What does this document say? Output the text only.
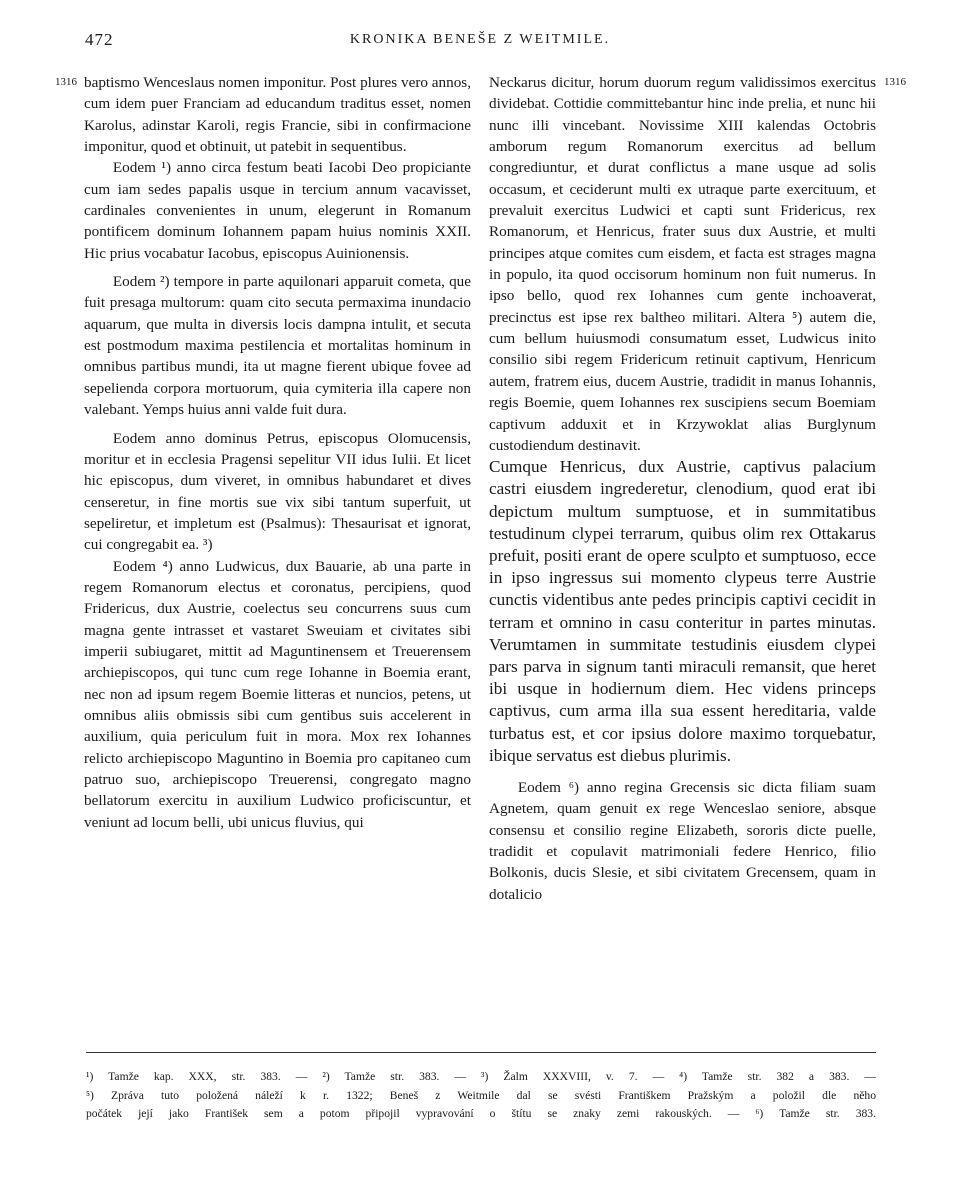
472	KRONIKA BENEŠE Z WEITMILE.
1316	1316

baptismo Wenceslaus nomen imponitur. Post plures vero annos, cum idem puer Franciam ad educandum traditus esset, nomen Karolus, adinstar Karoli, regis Francie, sibi in confirmacione imponitur, quod et obtinuit, ut patebit in sequentibus.

Eodem ¹) anno circa festum beati Iacobi Deo propiciante cum iam sedes papalis usque in tercium annum vacavisset, cardinales convenientes in unum, elegerunt in Romanum pontificem dominum Iohannem papam huius nominis XXII. Hic prius vocabatur Iacobus, episcopus Auinionensis.

Eodem ²) tempore in parte aquilonari apparuit cometa, que fuit presaga multorum: quam cito secuta permaxima inundacio aquarum, que multa in diversis locis dampna intulit, et secuta est postmodum maxima pestilencia et mortalitas hominum in omnibus partibus mundi, ita ut magne fierent ubique fovee ad sepelienda corpora mortuorum, quia cymiteria illa capere non valebant. Yemps huius anni valde fuit dura.

Eodem anno dominus Petrus, episcopus Olomucensis, moritur et in ecclesia Pragensi sepelitur VII idus Iulii. Et licet hic episcopus, dum viveret, in omnibus habundaret et dives censeretur, in fine mortis sue vix sibi tantum superfuit, ut sepeliretur, et impletum est (Psalmus): Thesaurisat et ignorat, cui congregabit ea. ³)

Eodem ⁴) anno Ludwicus, dux Bauarie, ab una parte in regem Romanorum electus et coronatus, percipiens, quod Fridericus, dux Austrie, coelectus seu concurrens suus cum magna gente intrasset et vastaret Sweuiam et civitates sibi imperii subiugaret, mittit ad Maguntinensem et Treuerensem archiepiscopos, qui tunc cum rege Iohanne in Boemia erant, nec non ad ipsum regem Boemie litteras et nuncios, petens, ut omnibus aliis obmissis sibi cum gentibus suis accelerent in auxilium, quia periculum fuit in mora. Mox rex Iohannes relicto archiepiscopo Maguntino in Boemia pro capitaneo cum patruo suo, archiepiscopo Treuerensi, congregato magno bellatorum exercitu in auxilium Ludwico proficiscuntur, et veniunt ad locum belli, ubi unicus fluvius, qui

Neckarus dicitur, horum duorum regum validissimos exercitus dividebat. Cottidie committebantur hinc inde prelia, et nunc hii nunc illi vincebant. Novissime XIII kalendas Octobris amborum regum Romanorum exercitus ad bellum congrediuntur, et durat conflictus a mane usque ad solis occasum, et ceciderunt multi ex utraque parte exercituum, et prevaluit exercitus Ludwici et capti sunt Fridericus, rex Romanorum, et Henricus, frater suus dux Austrie, et multi principes atque comites cum eisdem, et facta est strages magna in populo, ita quod occisorum hominum non fuit numerus. In ipso bello, quod rex Iohannes cum gente inchoaverat, precinctus est ipse rex baltheo militari. Altera ⁵) autem die, cum bellum huiusmodi consumatum esset, Ludwicus inito consilio sibi regem Fridericum retinuit captivum, Henricum autem, fratrem eius, ducem Austrie, tradidit in manus Iohannis, regis Boemie, quem Iohannes rex suscipiens secum Boemiam captivum adduxit et in Krzywoklat alias Burglynum custodiendum destinavit.

Cumque Henricus, dux Austrie, captivus palacium castri eiusdem ingrederetur, clenodium, quod erat ibi depictum multum sumptuose, et in summitatibus testudinum clypei terrarum, quibus olim rex Ottakarus prefuit, positi erant de opere sculpto et sumptuoso, ecce in ipso ingressus sui momento clypeus terre Austrie cunctis videntibus ante pedes principis captivi cecidit in terram et omnino in casu conteritur in partes minutas. Verumtamen in summitate testudinis eiusdem clypei pars parva in signum tanti miraculi remansit, que heret ibi usque in hodiernum diem. Hec videns princeps captivus, cum arma illa sua essent hereditaria, valde turbatus est, et cor ipsius dolore maximo torquebatur, ibique servatus est diebus plurimis.

Eodem ⁶) anno regina Grecensis sic dicta filiam suam Agnetem, quam genuit ex rege Wenceslao seniore, absque consensu et consilio regine Elizabeth, sororis dicte puelle, tradidit et copulavit matrimoniali federe Henrico, filio Bolkonis, ducis Slesie, et sibi civitatem Grecensem, quam in dotalicio

¹) Tamže kap. XXX, str. 383. — ²) Tamže str. 383. — ³) Žalm XXXVIII, v. 7. — ⁴) Tamže str. 382 a 383. —
⁵) Zpráva tuto položená náleží k r. 1322; Beneš z Weitmile dal se svésti Františkem Pražským a položil dle něho
počátek její jako František sem a potom připojil vypravování o štítu se znaky zemi rakouských. — ⁶) Tamže str. 383.
